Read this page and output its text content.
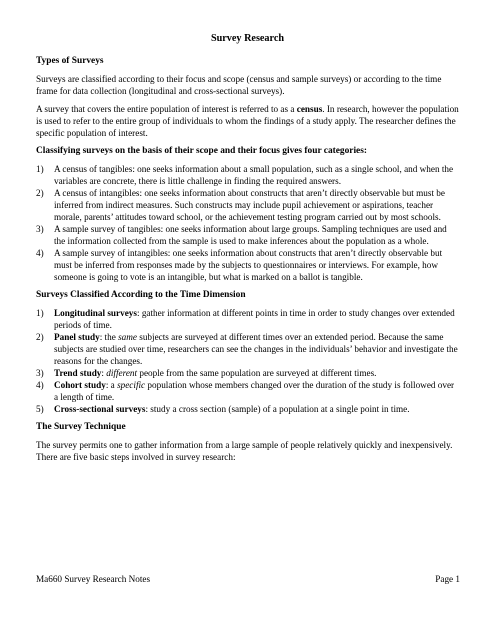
Survey Research
Types of Surveys

Surveys are classified according to their focus and scope (census and sample surveys) or according to the time frame for data collection (longitudinal and cross-sectional surveys).

A survey that covers the entire population of interest is referred to as a census. In research, however the population is used to refer to the entire group of individuals to whom the findings of a study apply. The researcher defines the specific population of interest.

Classifying surveys on the basis of their scope and their focus gives four categories:
1) A census of tangibles: one seeks information about a small population, such as a single school, and when the variables are concrete, there is little challenge in finding the required answers.
2) A census of intangibles: one seeks information about constructs that aren’t directly observable but must be inferred from indirect measures. Such constructs may include pupil achievement or aspirations, teacher morale, parents’ attitudes toward school, or the achievement testing program carried out by most schools.
3) A sample survey of tangibles: one seeks information about large groups. Sampling techniques are used and the information collected from the sample is used to make inferences about the population as a whole.
4) A sample survey of intangibles: one seeks information about constructs that aren’t directly observable but must be inferred from responses made by the subjects to questionnaires or interviews. For example, how someone is going to vote is an intangible, but what is marked on a ballot is tangible.
Surveys Classified According to the Time Dimension
1) Longitudinal surveys: gather information at different points in time in order to study changes over extended periods of time.
2) Panel study: the same subjects are surveyed at different times over an extended period. Because the same subjects are studied over time, researchers can see the changes in the individuals’ behavior and investigate the reasons for the changes.
3) Trend study: different people from the same population are surveyed at different times.
4) Cohort study: a specific population whose members changed over the duration of the study is followed over a length of time.
5) Cross-sectional surveys: study a cross section (sample) of a population at a single point in time.
The Survey Technique

The survey permits one to gather information from a large sample of people relatively quickly and inexpensively. There are five basic steps involved in survey research:

Ma660 Survey Research Notes	Page 1
